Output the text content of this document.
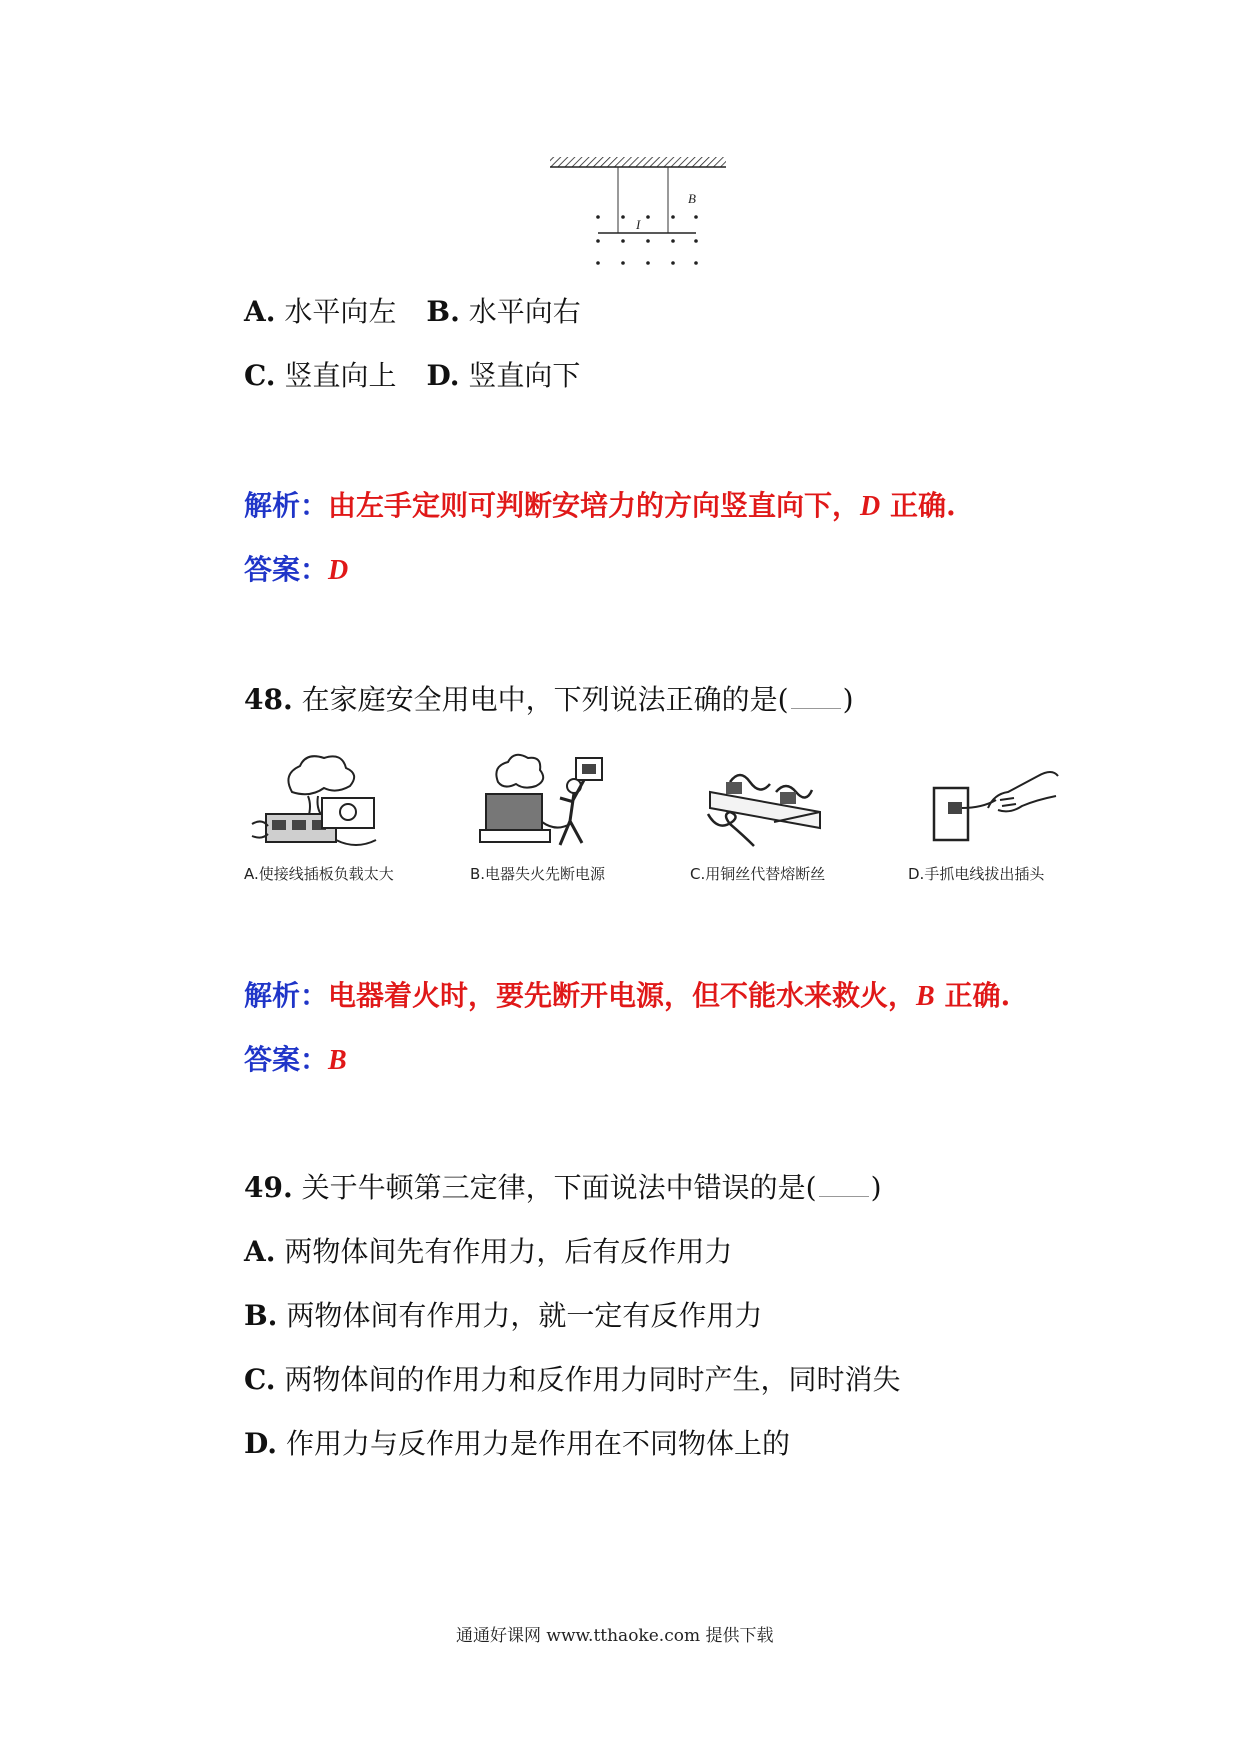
B
I
A. 水平向左 B. 水平向右
C. 竖直向上 D. 竖直向下
解析：由左手定则可判断安培力的方向竖直向下，D 正确.
答案：D
48. 在家庭安全用电中，下列说法正确的是( )
A.使接线插板负载太大	B.电器失火先断电源	C.用铜丝代替熔断丝	D.手抓电线拔出插头
解析：电器着火时，要先断开电源，但不能水来救火，B 正确.
答案：B
49. 关于牛顿第三定律，下面说法中错误的是( )
A. 两物体间先有作用力，后有反作用力
B. 两物体间有作用力，就一定有反作用力
C. 两物体间的作用力和反作用力同时产生，同时消失
D. 作用力与反作用力是作用在不同物体上的
通通好课网 www.tthaoke.com 提供下载
